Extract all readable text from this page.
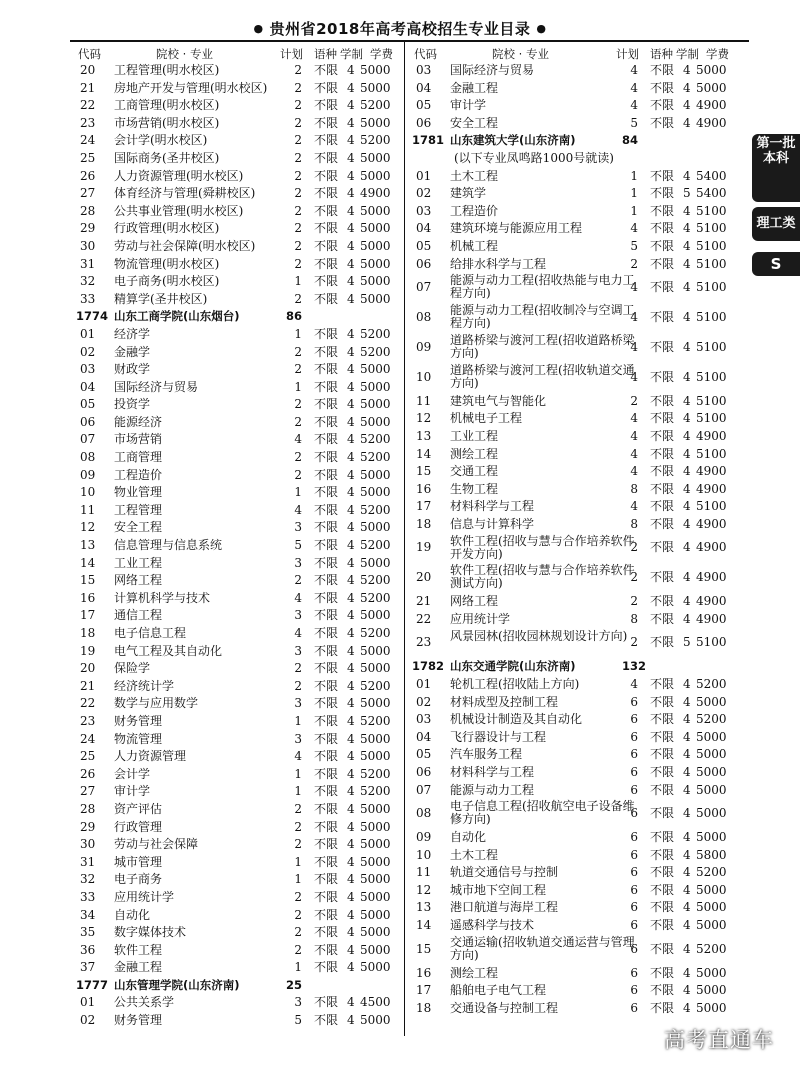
● 贵州省2018年高考高校招生专业目录 ●
代码	院校 · 专业	计划 语种 学制 学费
20 工程管理(明水校区)	2 不限 4 5000
21 房地产开发与管理(明水校区)	2 不限 4 5000
22 工商管理(明水校区)	2 不限 4 5200
23 市场营销(明水校区)	2 不限 4 5000
24 会计学(明水校区)	2 不限 4 5200
25 国际商务(圣井校区)	2 不限 4 5000
26 人力资源管理(明水校区)	2 不限 4 5000
27 体育经济与管理(舜耕校区)	2 不限 4 4900
28 公共事业管理(明水校区)	2 不限 4 5000
29 行政管理(明水校区)	2 不限 4 5000
30 劳动与社会保障(明水校区)	2 不限 4 5000
31 物流管理(明水校区)	2 不限 4 5000
32 电子商务(明水校区)	1 不限 4 5000
33 精算学(圣井校区)	2 不限 4 5000
1774 山东工商学院(山东烟台)	86
01 经济学	1 不限 4 5200
02 金融学	2 不限 4 5200
03 财政学	2 不限 4 5000
04 国际经济与贸易	1 不限 4 5000
05 投资学	2 不限 4 5000
06 能源经济	2 不限 4 5000
07 市场营销	4 不限 4 5200
08 工商管理	2 不限 4 5200
09 工程造价	2 不限 4 5000
10 物业管理	1 不限 4 5000
11 工程管理	4 不限 4 5200
12 安全工程	3 不限 4 5000
13 信息管理与信息系统	5 不限 4 5200
14 工业工程	3 不限 4 5000
15 网络工程	2 不限 4 5200
16 计算机科学与技术	4 不限 4 5200
17 通信工程	3 不限 4 5000
18 电子信息工程	4 不限 4 5200
19 电气工程及其自动化	3 不限 4 5000
20 保险学	2 不限 4 5000
21 经济统计学	2 不限 4 5200
22 数学与应用数学	3 不限 4 5000
23 财务管理	1 不限 4 5200
24 物流管理	3 不限 4 5000
25 人力资源管理	4 不限 4 5000
26 会计学	1 不限 4 5200
27 审计学	1 不限 4 5200
28 资产评估	2 不限 4 5000
29 行政管理	2 不限 4 5000
30 劳动与社会保障	2 不限 4 5000
31 城市管理	1 不限 4 5000
32 电子商务	1 不限 4 5000
33 应用统计学	2 不限 4 5000
34 自动化	2 不限 4 5000
35 数字媒体技术	2 不限 4 5000
36 软件工程	2 不限 4 5000
37 金融工程	1 不限 4 5000
1777 山东管理学院(山东济南)	25
01 公共关系学	3 不限 4 4500
02 财务管理	5 不限 4 5000
代码	院校 · 专业	计划 语种 学制 学费
03 国际经济与贸易	4 不限 4 5000
04 金融工程	4 不限 4 5000
05 审计学	4 不限 4 4900
06 安全工程	5 不限 4 4900
1781 山东建筑大学(山东济南)	84
(以下专业凤鸣路1000号就读)
01 土木工程	1 不限 4 5400
02 建筑学	1 不限 5 5400
03 工程造价	1 不限 4 5100
04 建筑环境与能源应用工程	4 不限 4 5100
05 机械工程	5 不限 4 5100
06 给排水科学与工程	2 不限 4 5100
07 能源与动力工程(招收热能与电力工程方向)	4 不限 4 5100
08 能源与动力工程(招收制冷与空调工程方向)	4 不限 4 5100
09 道路桥梁与渡河工程(招收道路桥梁方向)	4 不限 4 5100
10 道路桥梁与渡河工程(招收轨道交通方向)	4 不限 4 5100
11 建筑电气与智能化	2 不限 4 5100
12 机械电子工程	4 不限 4 5100
13 工业工程	4 不限 4 4900
14 测绘工程	4 不限 4 5100
15 交通工程	4 不限 4 4900
16 生物工程	8 不限 4 4900
17 材料科学与工程	4 不限 4 5100
18 信息与计算科学	8 不限 4 4900
19 软件工程(招收与慧与合作培养软件开发方向)	2 不限 4 4900
20 软件工程(招收与慧与合作培养软件测试方向)	2 不限 4 4900
21 网络工程	2 不限 4 4900
22 应用统计学	8 不限 4 4900
23 风景园林(招收园林规划设计方向) 2 不限 5 5100
1782 山东交通学院(山东济南)	132
01 轮机工程(招收陆上方向)	4 不限 4 5200
02 材料成型及控制工程	6 不限 4 5000
03 机械设计制造及其自动化	6 不限 4 5200
04 飞行器设计与工程	6 不限 4 5000
05 汽车服务工程	6 不限 4 5000
06 材料科学与工程	6 不限 4 5000
07 能源与动力工程	6 不限 4 5000
08 电子信息工程(招收航空电子设备维修方向)	6 不限 4 5000
09 自动化	6 不限 4 5000
10 土木工程	6 不限 4 5800
11 轨道交通信号与控制	6 不限 4 5200
12 城市地下空间工程	6 不限 4 5000
13 港口航道与海岸工程	6 不限 4 5000
14 遥感科学与技术	6 不限 4 5000
15 交通运输(招收轨道交通运营与管理方向)	6 不限 4 5200
16 测绘工程	6 不限 4 5000
17 船舶电子电气工程	6 不限 4 5000
18 交通设备与控制工程	6 不限 4 5000
第一批本科
理工类
S
高考直通车
